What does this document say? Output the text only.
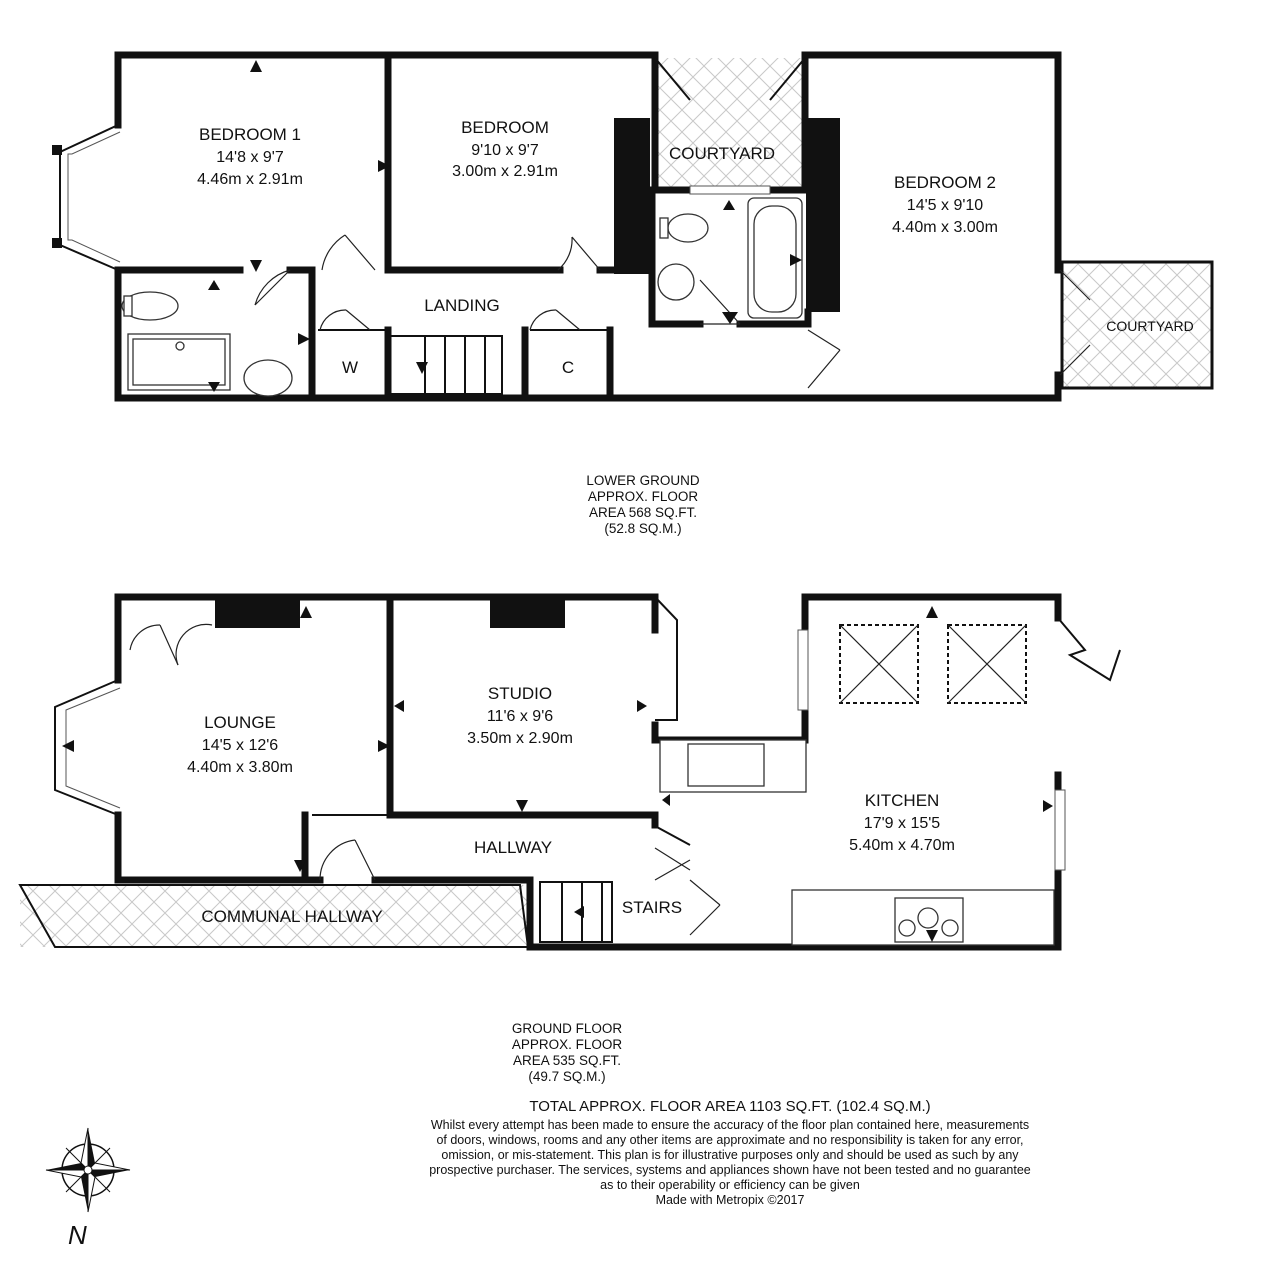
BEDROOM 1
14'8 x 9'7
4.46m x 2.91m
BEDROOM
9'10 x 9'7
3.00m x 2.91m
COURTYARD
BEDROOM 2
14'5 x 9'10
4.40m x 3.00m
COURTYARD
LANDING
W	C
LOUNGE
14'5 x 12'6
4.40m x 3.80m
STUDIO
11'6 x 9'6
3.50m x 2.90m
KITCHEN
17'9 x 15'5
5.40m x 4.70m
HALLWAY
COMMUNAL HALLWAY	STAIRS
N
LOWER GROUND
APPROX. FLOOR
AREA 568 SQ.FT.
(52.8 SQ.M.)
GROUND FLOOR
APPROX. FLOOR
AREA 535 SQ.FT.
(49.7 SQ.M.)
TOTAL APPROX. FLOOR AREA 1103 SQ.FT. (102.4 SQ.M.)
Whilst every attempt has been made to ensure the accuracy of the floor plan contained here, measurements
of doors, windows, rooms and any other items are approximate and no responsibility is taken for any error,
omission, or mis-statement. This plan is for illustrative purposes only and should be used as such by any
prospective purchaser. The services, systems and appliances shown have not been tested and no guarantee
as to their operability or efficiency can be given
Made with Metropix ©2017
